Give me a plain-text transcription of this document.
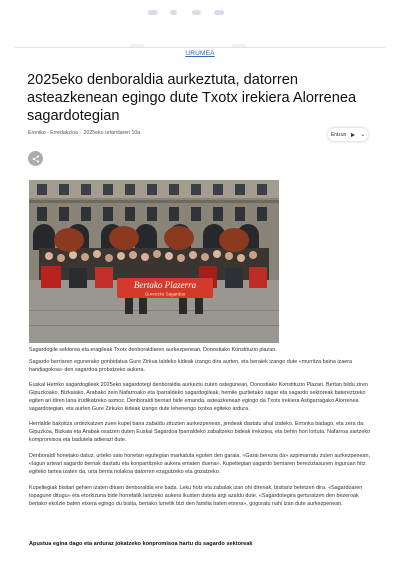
URUMEA
2025eko denboraldia aurkeztuta, datorren asteazkenean egingo dute Txotx irekiera Alorrenea sagardotegian
Eroniko - Erredakzioa · 2025eko urtarrilaren 10a	Entzun ⌄
Bertako Plazerra
Gurenzko Sagardoa

Sagardogile sektorea eta eragileak Txotx denboraldiaren aurkezpenean, Donostiako Konstituzio plazan.

Sagardo berriaren egunerako gonbidatua Gure Zirkua taldeko kideak izango dira aurten, eta beraiek izango dute «murritza baina izaera handiagokoa» den sagardoa probatzeko aukera.

Euskal Herriko sagardogileek 2025eko sagardotegi denboraldia aurkeztu zuten ostegunean, Donostiako Konstituzio Plazan. Bertan bildu ziren Gipuzkoako, Bizkaiako, Arabako zein Nafarroako eta Iparraldeko sagardogileak, hemile guztietako sagar eta sagardo sektoreak batereztzeko egiten ari diren lana irudikatzeko asmoz. Denboraldi berriari bide emanda, asteazkenean egingo da Txotx irekiera Astigarragako Alorrenea sagardotegian, eta aurten Gure Zirkuko kideak izango dute lehenengo txotxa egiteko ardura.

Herrialde bakoitza ordezkatzen zuen kupel bana zabaldu zituzten aurkezpenean, jendeak dastatu ahal izateko. Erronka badago, eta zera da: Gipuzkoa, Bizkaia eta Arabak osatzen duten Euskal Sagardoa Iparraldeko zabaltzeko bideak irekiztea, eta behin hori lortuta, Nafarroa sartzeko kompromisoa eta badutela adierazi dute.

Denboraldi honetako datuz, urteko saio honetan egutegian markatuta egoten den garaia. «Garai berezia da» azpimarratu zuten aurkezpenean, «lagun arteari sagardo berriak dastatu eta konpartitzeko aukera ematen duena». Kupeltegian sagardo berriaren bereziztasunen inguruan hitz egiteko tartea izaten da, urta berria nolakoa datorren ezagutzeko eta gozatzeko.

Kupeltegiak bisitari gehien izaten dituen denboraldia ere bada. Leku hotz eta zabalak izan ohi direnak, bisitariz betetzen dira. «Sagardoaren topagune ditugu» eta etorkizuna bide horretatik lantzeko aukera ikusten dutela argi azaldu dute. «Sagardotegira gerturatzen den bezeroak bertako ekoizle baten etxera egingo du bisita, bertako lurretik bizi den familia baten etxera», gogoratu nahi izan dute aurkezpenean.

Apustua egina dago eta arduraz jokatzeko konpromisoa hartu du sagardo sektoreak
